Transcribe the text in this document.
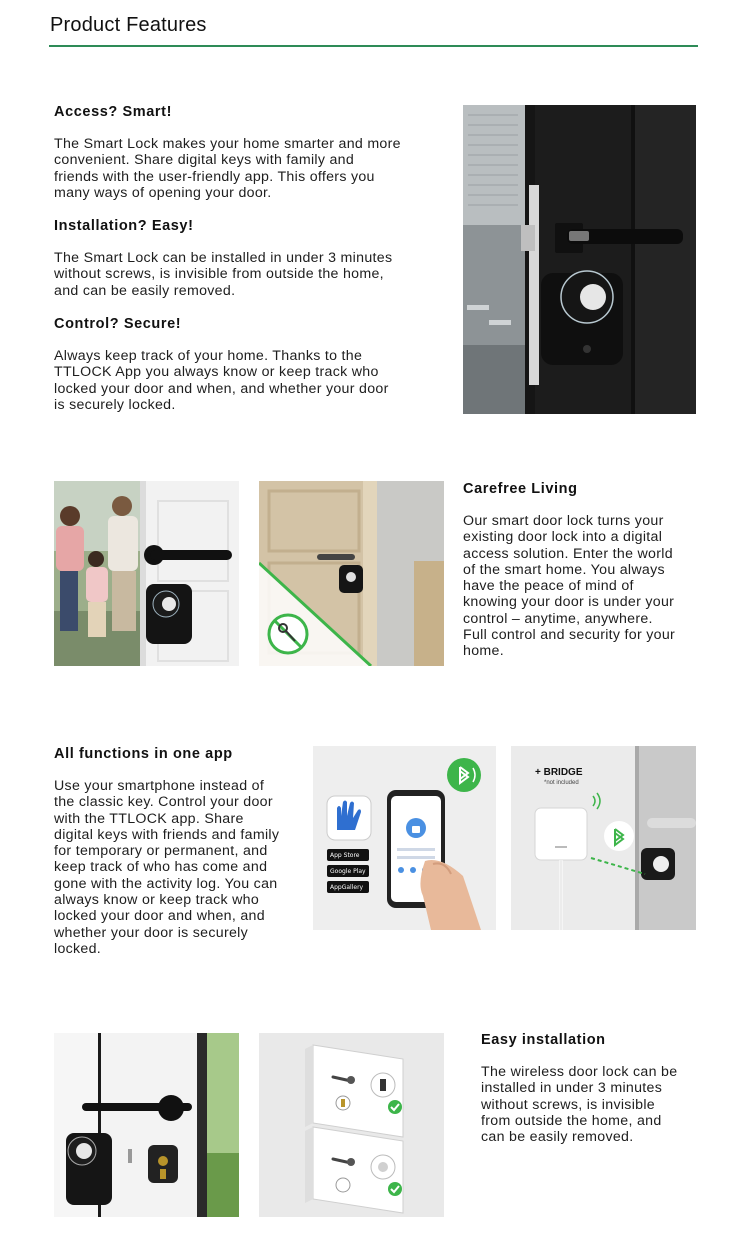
Product Features

Access? Smart!

The Smart Lock makes your home smarter and more

convenient. Share digital keys with family and

friends with the user-friendly app. This offers you

many ways of opening your door.

Installation? Easy!

The Smart Lock can be installed in under 3 minutes

without screws, is invisible from outside the home,

and can be easily removed.

Control? Secure!

Always keep track of your home. Thanks to the

TTLOCK App you always know or keep track who

locked your door and when, and whether your door

is securely locked.

Carefree Living

Our smart door lock turns your

existing door lock into a digital

access solution. Enter the world

of the smart home. You always

have the peace of mind of

knowing your door is under your

control – anytime, anywhere.

Full control and security for your

home.

All functions in one app

Use your smartphone instead of

the classic key. Control your door

with the TTLOCK app. Share

digital keys with friends and family

for temporary or permanent, and

keep track of who has come and

gone with the activity log. You can

always know or keep track who

locked your door and when, and

whether your door is securely

locked.

App Store
Google Play
AppGallery
+ BRIDGE
*not included

Easy installation

The wireless door lock can be

installed in under 3 minutes

without screws, is invisible

from outside the home, and

can be easily removed.
